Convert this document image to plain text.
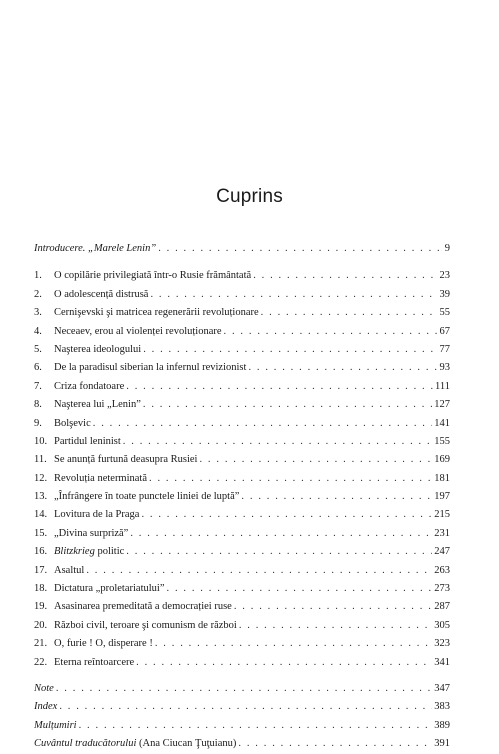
Cuprins
Introducere. „Marele Lenin” . . .	9
1.	O copilărie privilegiată într-o Rusie frământată . . .	23
2.	O adolescență distrusă . . .	39
3.	Cernişevski şi matricea regenerării revoluționare . . .	55
4.	Neceaev, erou al violenței revoluționare . . .	67
5.	Naşterea ideologului . . .	77
6.	De la paradisul siberian la infernul revizionist . . .	93
7.	Criza fondatoare . . .	111
8.	Naşterea lui „Lenin” . . .	127
9.	Bolşevic . . .	141
10. Partidul leninist . . .	155
11. Se anunță furtună deasupra Rusiei . . .	169
12. Revoluția neterminată . . .	181
13. „Înfrângere în toate punctele liniei de luptă” . . .	197
14. Lovitura de la Praga . . .	215
15. „Divina surpriză” . . .	231
16. Blitzkrieg politic . . .	247
17. Asaltul . . .	263
18. Dictatura „proletariatului” . . .	273
19. Asasinarea premeditată a democrației ruse . . .	287
20. Război civil, teroare şi comunism de război . . .	305
21. O, furie ! O, disperare ! . . .	323
22. Eterna reîntoarcere . . .	341
Note . . .	347
Index . . .	383
Mulțumiri . . .	389
Cuvântul traducătorului (Ana Ciucan Ţuţuianu) . . .	391
